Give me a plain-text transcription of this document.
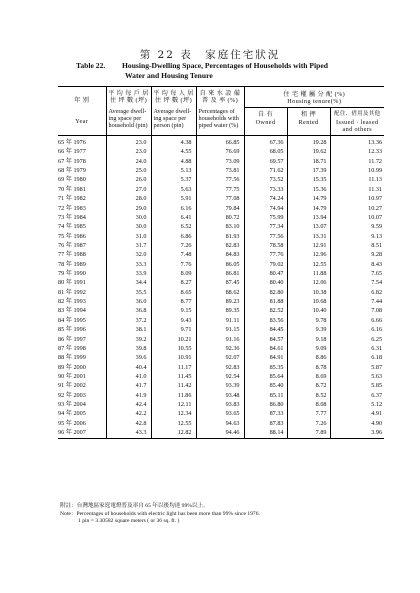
第 22 表　家庭住宅狀況
Table 22. Housing-Dwelling Space, Percentages of Households with Piped
Water and Housing Tenure
年 別	平 均 每 戶 居 住 坪 數 (坪)	平 均 每 人 居 住 坪 數 (坪)	自 來 水 設 備 普 及 率 (%)	住 宅 權 屬 分 配 (%)		
				Housing tenure(%)		
Year	Average dwell-ing space per household (pin)	Average dwell-ing space per person (pin)	Percentages of households with piped water (%)	自 有	租 押	配住、借用及其他
				Owned	Rented	Issued · leased and others
65 年 1976	23.0	4.38	66.85	67.36	19.28	13.36
66 年 1977	23.0	4.55	76.69	68.05	19.62	12.33
67 年 1978	24.0	4.88	73.09	69.57	18.71	11.72
68 年 1979	25.0	5.13	73.81	71.62	17.39	10.99
69 年 1980	26.0	5.37	77.56	73.52	15.35	11.13
70 年 1981	27.0	5.63	77.75	73.33	15.36	11.31
71 年 1982	28.0	5.91	77.08	74.24	14.79	10.97
72 年 1983	29.0	6.16	79.84	74.94	14.79	10.27
73 年 1984	30.0	6.41	80.72	75.99	13.94	10.07
74 年 1985	30.0	6.52	83.10	77.34	13.07	9.59
75 年 1986	31.0	6.86	81.93	77.56	13.31	9.13
76 年 1987	31.7	7.26	82.83	78.58	12.91	8.51
77 年 1988	32.0	7.48	84.83	77.76	12.96	9.28
78 年 1989	33.3	7.76	86.05	79.02	12.55	8.43
79 年 1990	33.9	8.09	86.81	80.47	11.88	7.65
80 年 1991	34.4	8.27	87.45	80.40	12.06	7.54
81 年 1992	35.5	8.65	88.62	82.80	10.38	6.82
82 年 1993	36.0	8.77	89.23	81.88	10.68	7.44
83 年 1994	36.8	9.15	89.35	82.52	10.40	7.08
84 年 1995	37.2	9.43	91.11	83.56	9.78	6.66
85 年 1996	38.1	9.71	91.15	84.45	9.39	6.16
86 年 1997	39.2	10.21	91.16	84.57	9.18	6.25
87 年 1998	39.8	10.55	92.36	84.61	9.09	6.31
88 年 1999	39.6	10.91	92.07	84.91	8.86	6.18
89 年 2000	40.4	11.17	92.83	85.35	8.78	5.87
90 年 2001	41.0	11.45	92.54	85.64	8.69	5.63
91 年 2002	41.7	11.42	93.39	85.40	8.72	5.85
92 年 2003	41.9	11.86	93.48	85.11	8.52	6.37
93 年 2004	42.4	12.11	93.83	86.80	8.08	5.12
94 年 2005	42.2	12.34	93.65	87.33	7.77	4.91
95 年 2006	42.8	12.55	94.63	87.83	7.26	4.90
96 年 2007	43.3	12.82	94.46	88.14	7.89	3.96
附註：台灣地區家庭電燈普及率自 65 年以後均達 99%以上。
Note：Percentages of households with electric light has been more than 99% since 1976.
1 pin = 3.30582 square meters ( or 36 sq. ft. )
